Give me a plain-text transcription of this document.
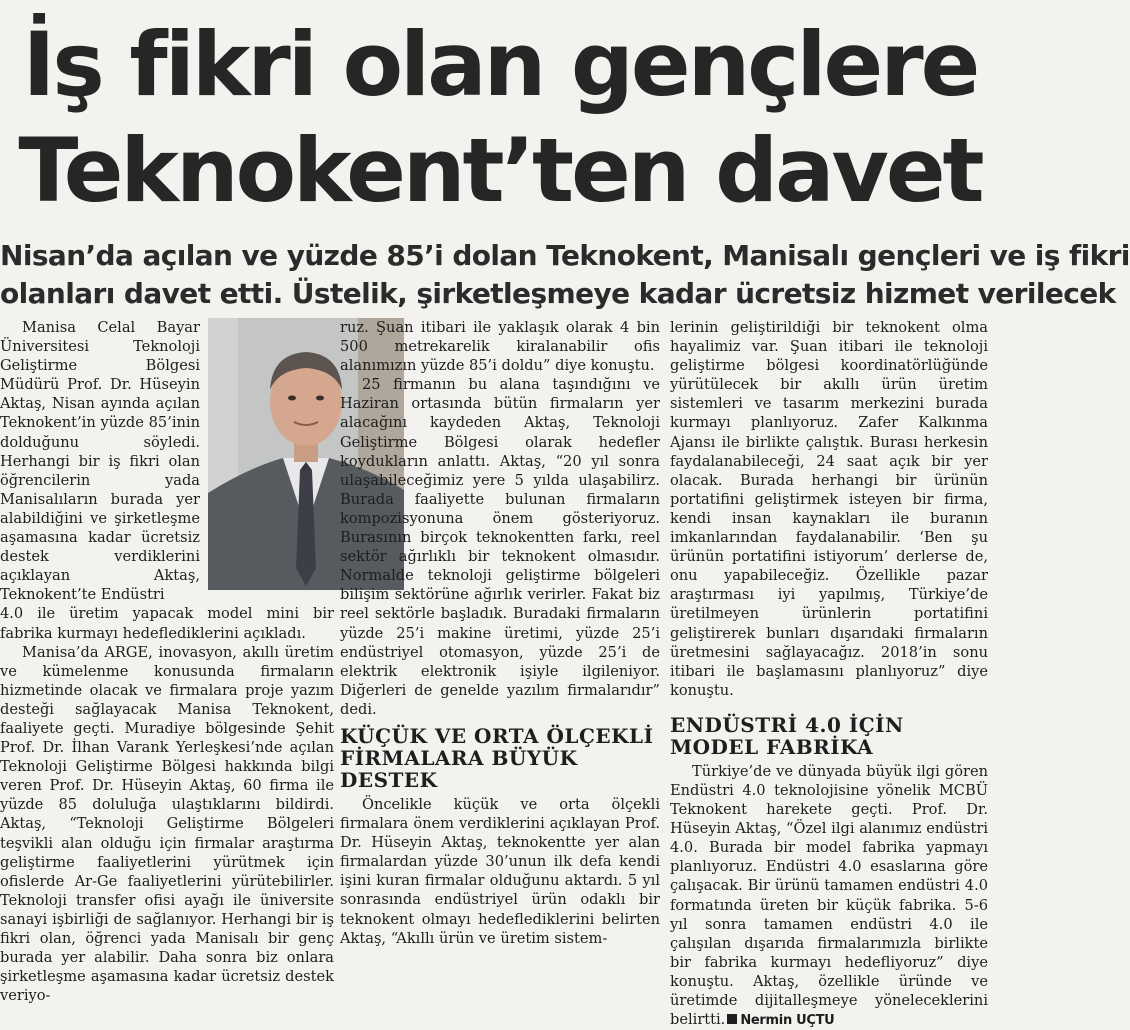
İş fikri olan gençlere
Teknokent’ten davet
Nisan’da açılan ve yüzde 85’i dolan Teknokent, Manisalı gençleri ve iş fikri
olanları davet etti. Üstelik, şirketleşmeye kadar ücretsiz hizmet verilecek

Manisa Celal Bayar Üniversitesi Teknoloji Geliştirme Bölgesi Müdürü Prof. Dr. Hüseyin Aktaş, Nisan ayında açılan Teknokent’in yüzde 85’inin dolduğunu söyledi. Herhangi bir iş fikri olan öğrencilerin yada Manisalıların burada yer alabildiğini ve şirketleşme aşamasına kadar ücretsiz destek verdiklerini açıklayan Aktaş, Teknokent’te Endüstri

4.0 ile üretim yapacak model mini bir fabrika kurmayı hedeflediklerini açıkladı.

Manisa’da ARGE, inovasyon, akıllı üretim ve kümelenme konusunda firmaların hizmetinde olacak ve firmalara proje yazım desteği sağlayacak Manisa Teknokent, faaliyete geçti. Muradiye bölgesinde Şehit Prof. Dr. İlhan Varank Yerleşkesi’nde açılan Teknoloji Geliştirme Bölgesi hakkında bilgi veren Prof. Dr. Hüseyin Aktaş, 60 firma ile yüzde 85 doluluğa ulaştıklarını bildirdi. Aktaş, “Teknoloji Geliştirme Bölgeleri teşvikli alan olduğu için firmalar araştırma geliştirme faaliyetlerini yürütmek için ofislerde Ar-Ge faaliyetlerini yürütebilirler. Teknoloji transfer ofisi ayağı ile üniversite sanayi işbirliği de sağlanıyor. Herhangi bir iş fikri olan, öğrenci yada Manisalı bir genç burada yer alabilir. Daha sonra biz onlara şirketleşme aşamasına kadar ücretsiz destek veriyo-

ruz. Şuan itibari ile yaklaşık olarak 4 bin 500 metrekarelik kiralanabilir ofis alanımızın yüzde 85’i doldu” diye konuştu.

25 firmanın bu alana taşındığını ve Haziran ortasında bütün firmaların yer alacağını kaydeden Aktaş, Teknoloji Geliştirme Bölgesi olarak hedefler koydukların anlattı. Aktaş, “20 yıl sonra ulaşabileceğimiz yere 5 yılda ulaşabilirz. Burada faaliyette bulunan firmaların kompozisyonuna önem gösteriyoruz. Burasının birçok teknokentten farkı, reel sektör ağırlıklı bir teknokent olmasıdır. Normalde teknoloji geliştirme bölgeleri bilişim sektörüne ağırlık verirler. Fakat biz reel sektörle başladık. Buradaki firmaların yüzde 25’i makine üretimi, yüzde 25’i endüstriyel otomasyon, yüzde 25’i de elektrik elektronik işiyle ilgileniyor. Diğerleri de genelde yazılım firmalarıdır” dedi.

KÜÇÜK VE ORTA ÖLÇEKLİ FİRMALARA BÜYÜK DESTEK

Öncelikle küçük ve orta ölçekli firmalara önem verdiklerini açıklayan Prof. Dr. Hüseyin Aktaş, teknokentte yer alan firmalardan yüzde 30’unun ilk defa kendi işini kuran firmalar olduğunu aktardı. 5 yıl sonrasında endüstriyel ürün odaklı bir teknokent olmayı hedeflediklerini belirten Aktaş, “Akıllı ürün ve üretim sistem-

lerinin geliştirildiği bir teknokent olma hayalimiz var. Şuan itibari ile teknoloji geliştirme bölgesi koordinatörlüğünde yürütülecek bir akıllı ürün üretim sistemleri ve tasarım merkezini burada kurmayı planlıyoruz. Zafer Kalkınma Ajansı ile birlikte çalıştık. Burası herkesin faydalanabileceği, 24 saat açık bir yer olacak. Burada herhangi bir ürünün portatifini geliştirmek isteyen bir firma, kendi insan kaynakları ile buranın imkanlarından faydalanabilir. ‘Ben şu ürünün portatifini istiyorum’ derlerse de, onu yapabileceğiz. Özellikle pazar araştırması iyi yapılmış, Türkiye’de üretilmeyen ürünlerin portatifini geliştirerek bunları dışarıdaki firmaların üretmesini sağlayacağız. 2018’in sonu itibari ile başlamasını planlıyoruz” diye konuştu.

ENDÜSTRİ 4.0 İÇİN MODEL FABRİKA

Türkiye’de ve dünyada büyük ilgi gören Endüstri 4.0 teknolojisine yönelik MCBÜ Teknokent harekete geçti. Prof. Dr. Hüseyin Aktaş, “Özel ilgi alanımız endüstri 4.0. Burada bir model fabrika yapmayı planlıyoruz. Endüstri 4.0 esaslarına göre çalışacak. Bir ürünü tamamen endüstri 4.0 formatında üreten bir küçük fabrika. 5-6 yıl sonra tamamen endüstri 4.0 ile çalışılan dışarıda firmalarımızla birlikte bir fabrika kurmayı hedefliyoruz” diye konuştu. Aktaş, özellikle üründe ve üretimde dijitalleşmeye yöneleceklerini belirtti. Nermin UÇTU
